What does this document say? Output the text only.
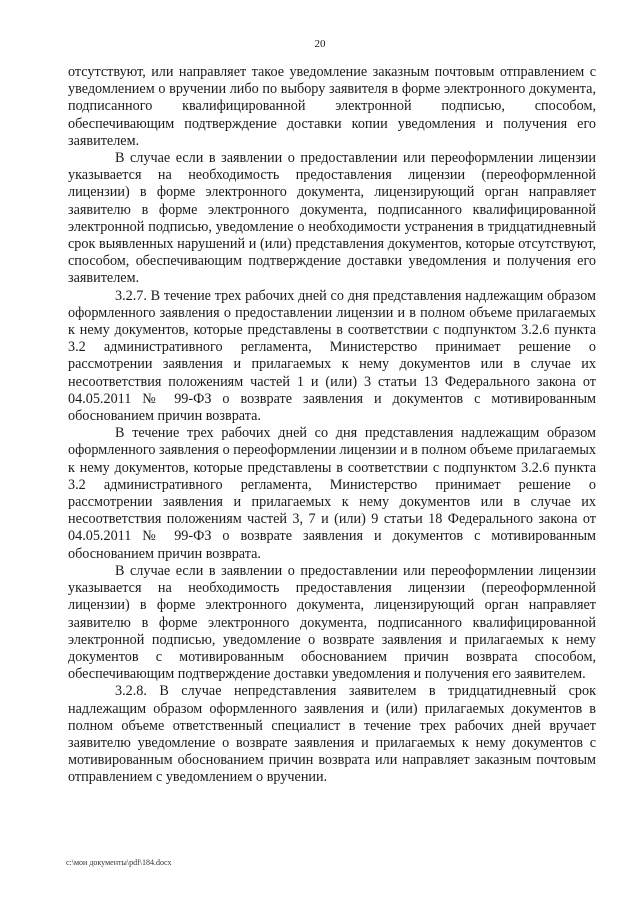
20

отсутствуют, или направляет такое уведомление заказным почтовым отправлением с уведомлением о вручении либо по выбору заявителя в форме электронного документа, подписанного квалифицированной электронной подписью, способом, обеспечивающим подтверждение доставки копии уведомления и получения его заявителем.

В случае если в заявлении о предоставлении или переоформлении лицензии указывается на необходимость предоставления лицензии (переоформленной лицензии) в форме электронного документа, лицензирующий орган направляет заявителю в форме электронного документа, подписанного квалифицированной электронной подписью, уведомление о необходимости устранения в тридцатидневный срок выявленных нарушений и (или) представления документов, которые отсутствуют, способом, обеспечивающим подтверждение доставки уведомления и получения его заявителем.

3.2.7. В течение трех рабочих дней со дня представления надлежащим образом оформленного заявления о предоставлении лицензии и в полном объеме прилагаемых к нему документов, которые представлены в соответствии с подпунктом 3.2.6 пункта 3.2 административного регламента, Министерство принимает решение о рассмотрении заявления и прилагаемых к нему документов или в случае их несоответствия положениям частей 1 и (или) 3 статьи 13 Федерального закона от 04.05.2011 № 99-ФЗ о возврате заявления и документов с мотивированным обоснованием причин возврата.

В течение трех рабочих дней со дня представления надлежащим образом оформленного заявления о переоформлении лицензии и в полном объеме прилагаемых к нему документов, которые представлены в соответствии с подпунктом 3.2.6 пункта 3.2 административного регламента, Министерство принимает решение о рассмотрении заявления и прилагаемых к нему документов или в случае их несоответствия положениям частей 3, 7 и (или) 9 статьи 18 Федерального закона от 04.05.2011 № 99-ФЗ о возврате заявления и документов с мотивированным обоснованием причин возврата.

В случае если в заявлении о предоставлении или переоформлении лицензии указывается на необходимость предоставления лицензии (переоформленной лицензии) в форме электронного документа, лицензирующий орган направляет заявителю в форме электронного документа, подписанного квалифицированной электронной подписью, уведомление о возврате заявления и прилагаемых к нему документов с мотивированным обоснованием причин возврата способом, обеспечивающим подтверждение доставки уведомления и получения его заявителем.

3.2.8. В случае непредставления заявителем в тридцатидневный срок надлежащим образом оформленного заявления и (или) прилагаемых документов в полном объеме ответственный специалист в течение трех рабочих дней вручает заявителю уведомление о возврате заявления и прилагаемых к нему документов с мотивированным обоснованием причин возврата или направляет заказным почтовым отправлением с уведомлением о вручении.

c:\мои документы\pdf\184.docx
